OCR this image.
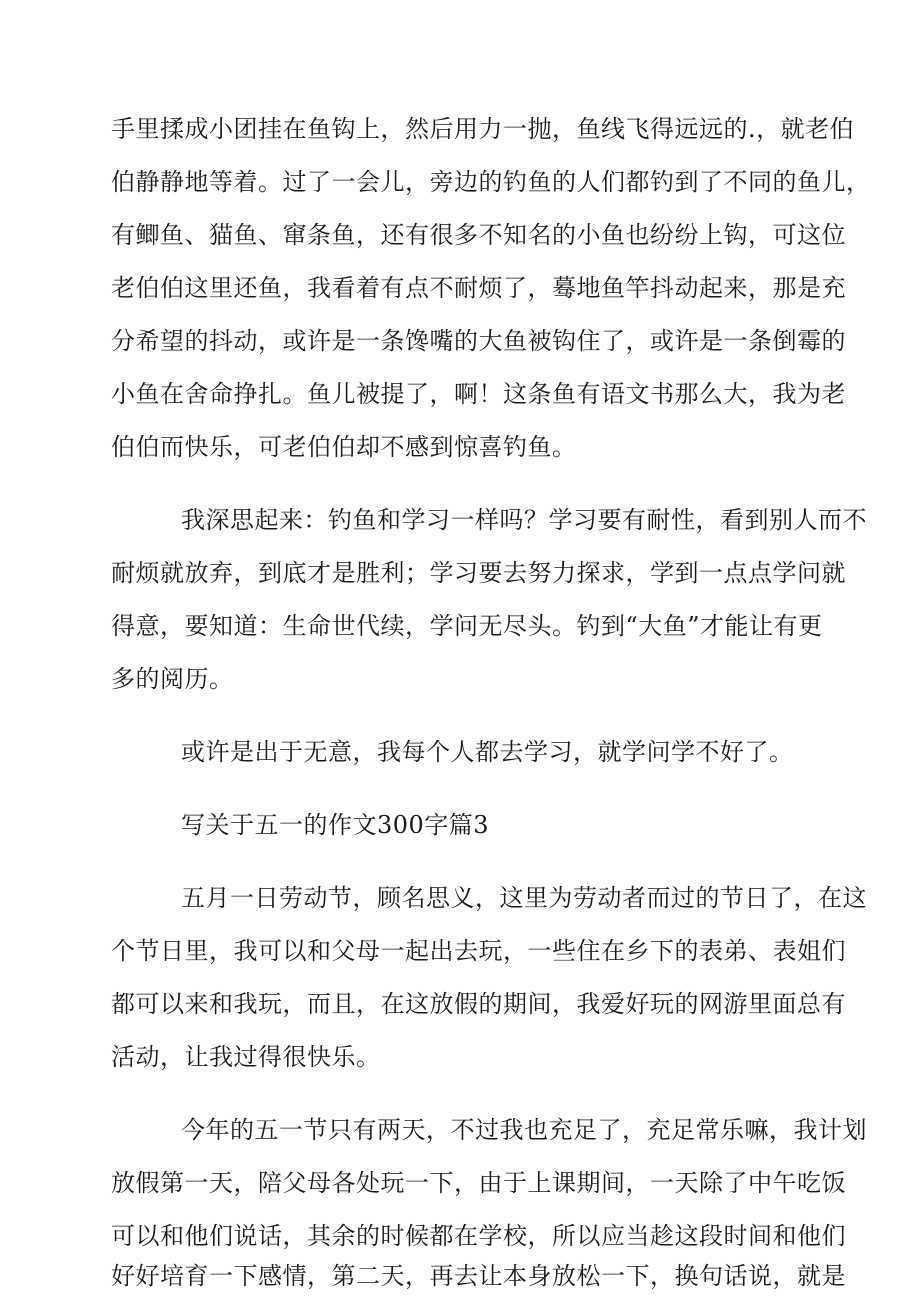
手里揉成小团挂在鱼钩上，然后用力一抛，鱼线飞得远远的.，就老伯
伯静静地等着。过了一会儿，旁边的钓鱼的人们都钓到了不同的鱼儿，
有鲫鱼、猫鱼、窜条鱼，还有很多不知名的小鱼也纷纷上钩，可这位
老伯伯这里还鱼，我看着有点不耐烦了，蓦地鱼竿抖动起来，那是充
分希望的抖动，或许是一条馋嘴的大鱼被钩住了，或许是一条倒霉的
小鱼在舍命挣扎。鱼儿被提了，啊！这条鱼有语文书那么大，我为老
伯伯而快乐，可老伯伯却不感到惊喜钓鱼。
我深思起来：钓鱼和学习一样吗？学习要有耐性，看到别人而不
耐烦就放弃，到底才是胜利；学习要去努力探求，学到一点点学问就
得意，要知道：生命世代续，学问无尽头。钓到“大鱼”才能让有更
多的阅历。
或许是出于无意，我每个人都去学习，就学问学不好了。
写关于五一的作文300字篇3
五月一日劳动节，顾名思义，这里为劳动者而过的节日了，在这
个节日里，我可以和父母一起出去玩，一些住在乡下的表弟、表姐们
都可以来和我玩，而且，在这放假的期间，我爱好玩的网游里面总有
活动，让我过得很快乐。
今年的五一节只有两天，不过我也充足了，充足常乐嘛，我计划
放假第一天，陪父母各处玩一下，由于上课期间，一天除了中午吃饭
可以和他们说话，其余的时候都在学校，所以应当趁这段时间和他们
好好培育一下感情，第二天，再去让本身放松一下，换句话说，就是
